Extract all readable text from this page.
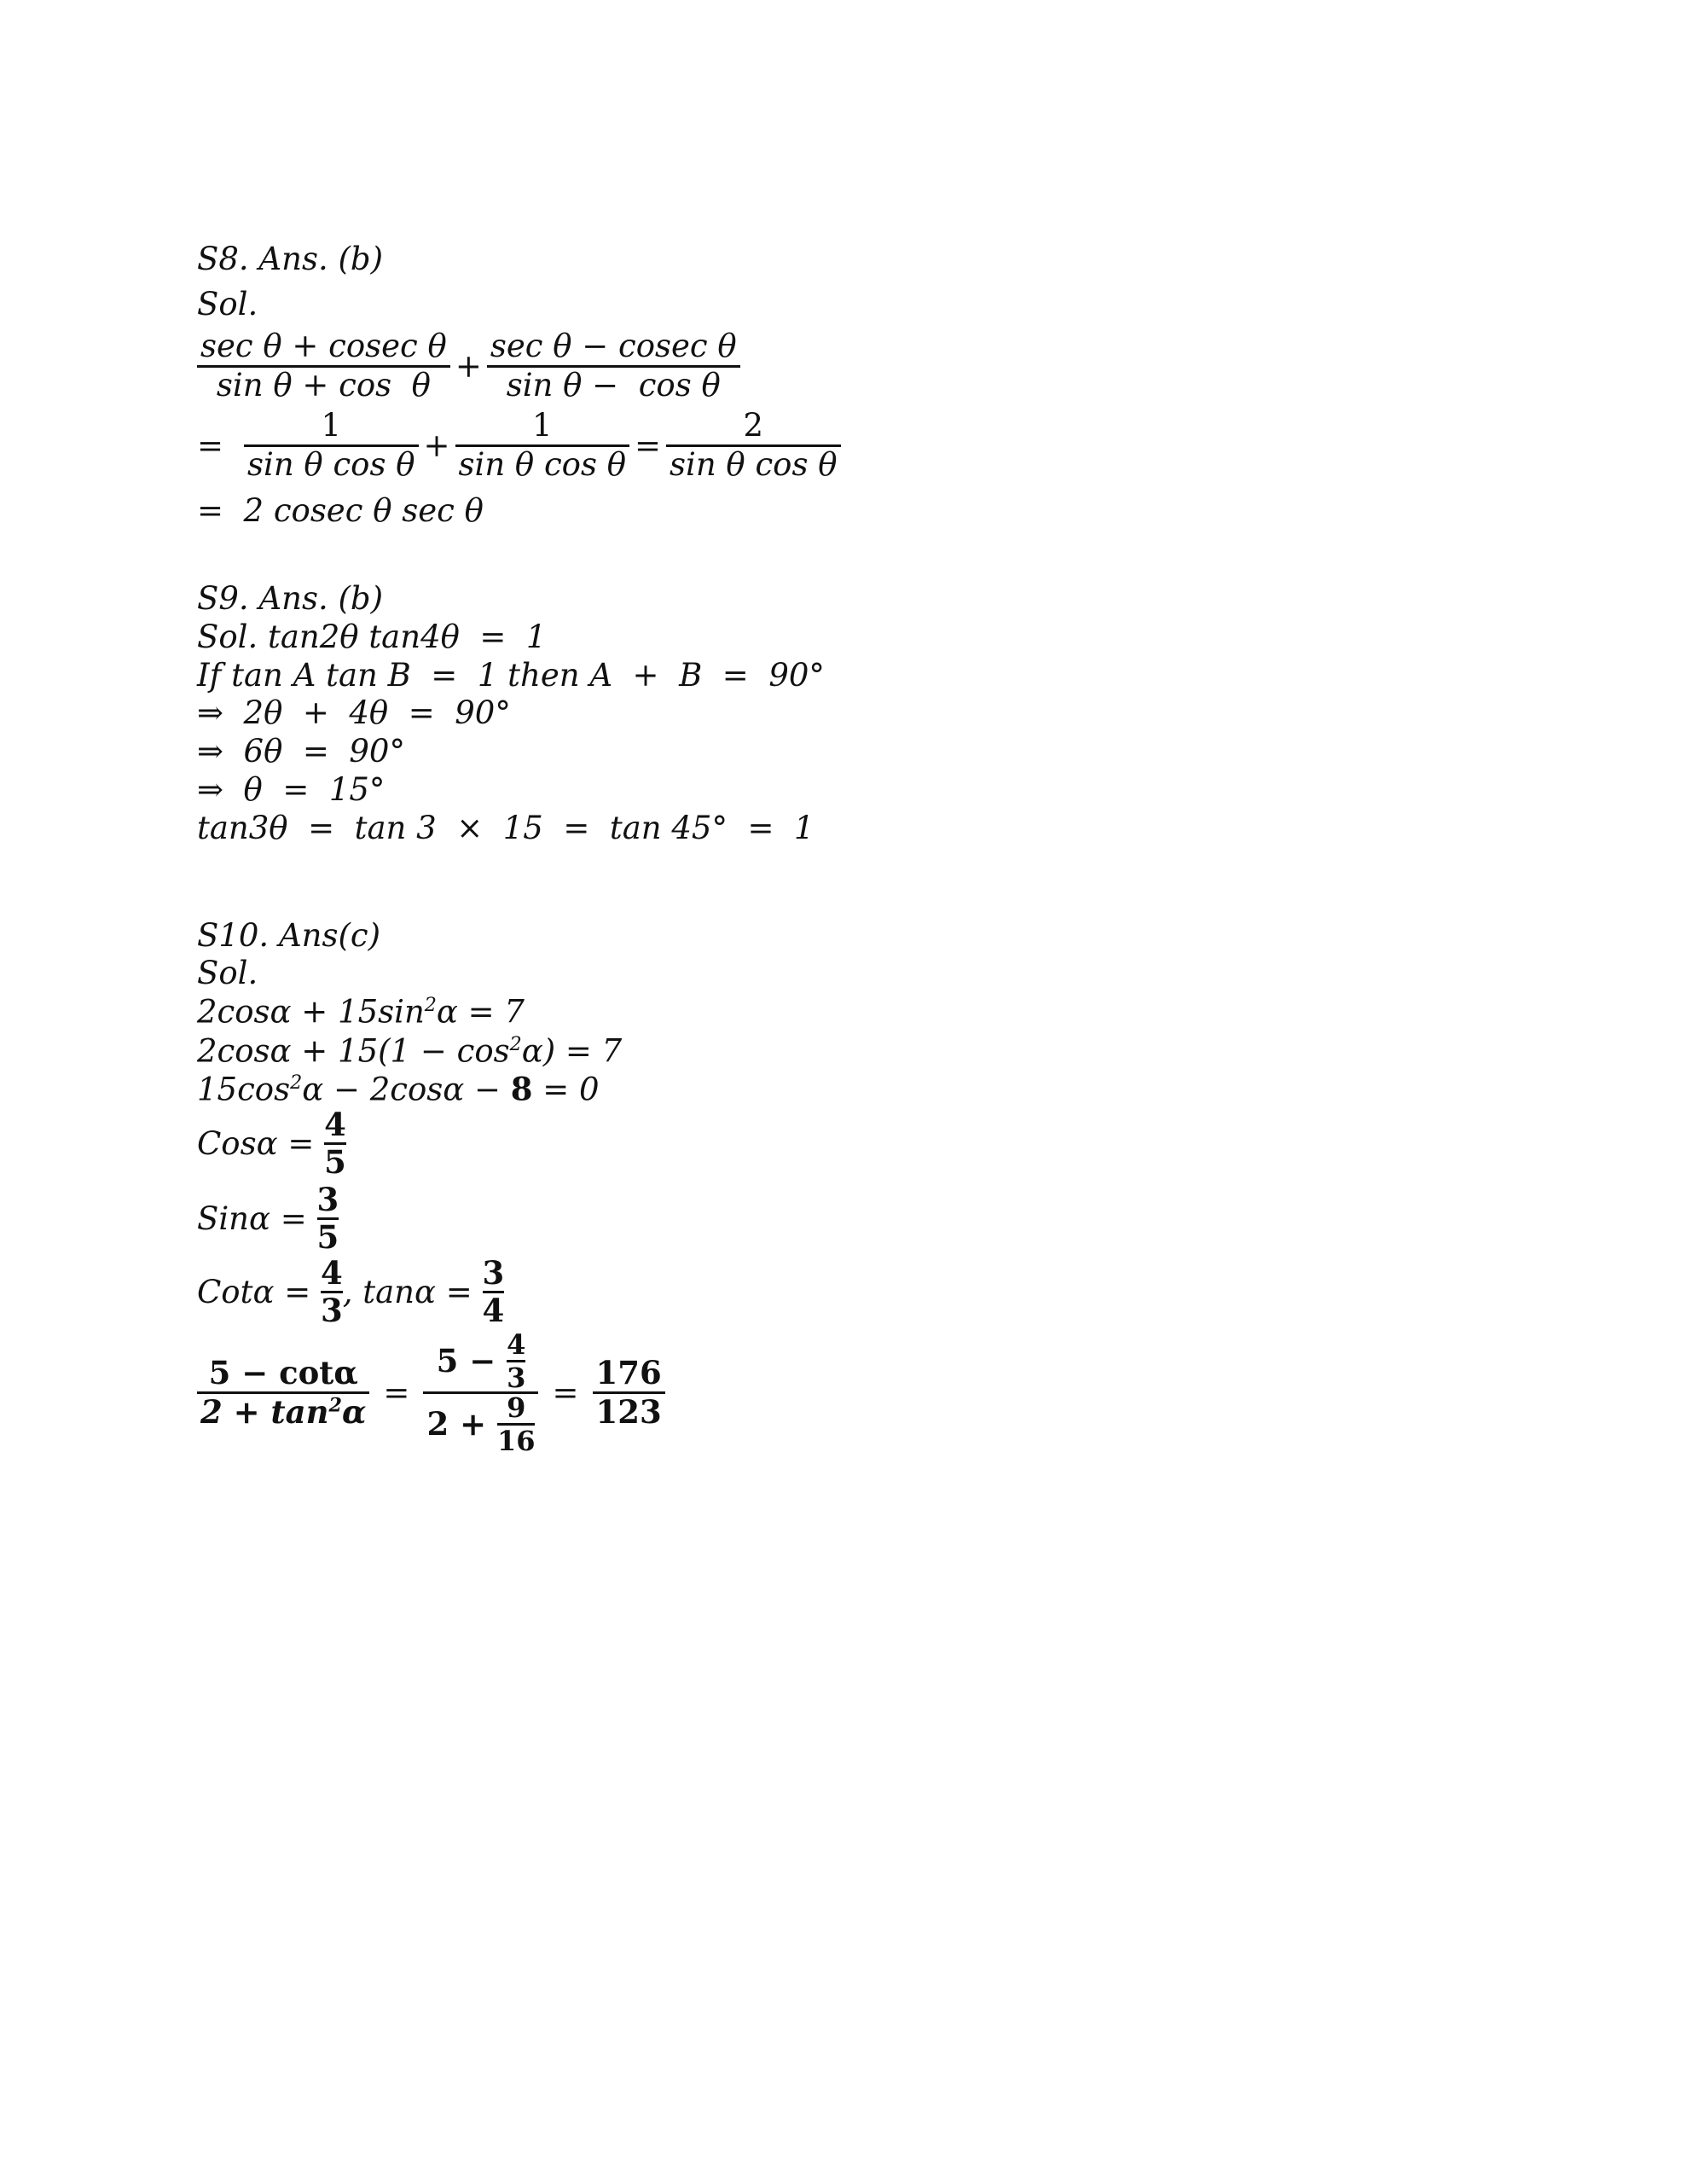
S8. Ans. (b)
Sol.
$\frac{\text{sec θ + cosec θ}}{\text{sin θ + cos  θ}} + \frac{\text{sec θ − cosec θ}}{\text{sin θ −  cos θ}}$
= $\frac{1}{\text{sin θ cos θ}} + \frac{1}{\text{sin θ cos θ}} = \frac{2}{\text{sin θ cos θ}}$
=  2 cosec θ sec θ
S9. Ans. (b)
Sol. tan2θ tan4θ  =  1
If tan A tan B  =  1 then A  +  B  =  90°
⇒  2θ  +  4θ  =  90°
⇒  6θ  =  90°
⇒  θ  =  15°
tan3θ  =  tan 3  ×  15  =  tan 45°  =  1
S10. Ans(c)
Sol.
$2\cos\alpha + 15\sin^2\alpha = 7$
$2\cos\alpha + 15(1 - \cos^2\alpha) = 7$
$15\cos^2\alpha - 2\cos\alpha - 8 = 0$
Cosα =
4
5
Sinα =
3
5
Cotα =
4
3 , tanα =
3
4
$\frac{5 - \cot\alpha}{2 + \tan^2\alpha} = 5 - 4$
3
2 + 9
$16 = \frac{176}{123}$
